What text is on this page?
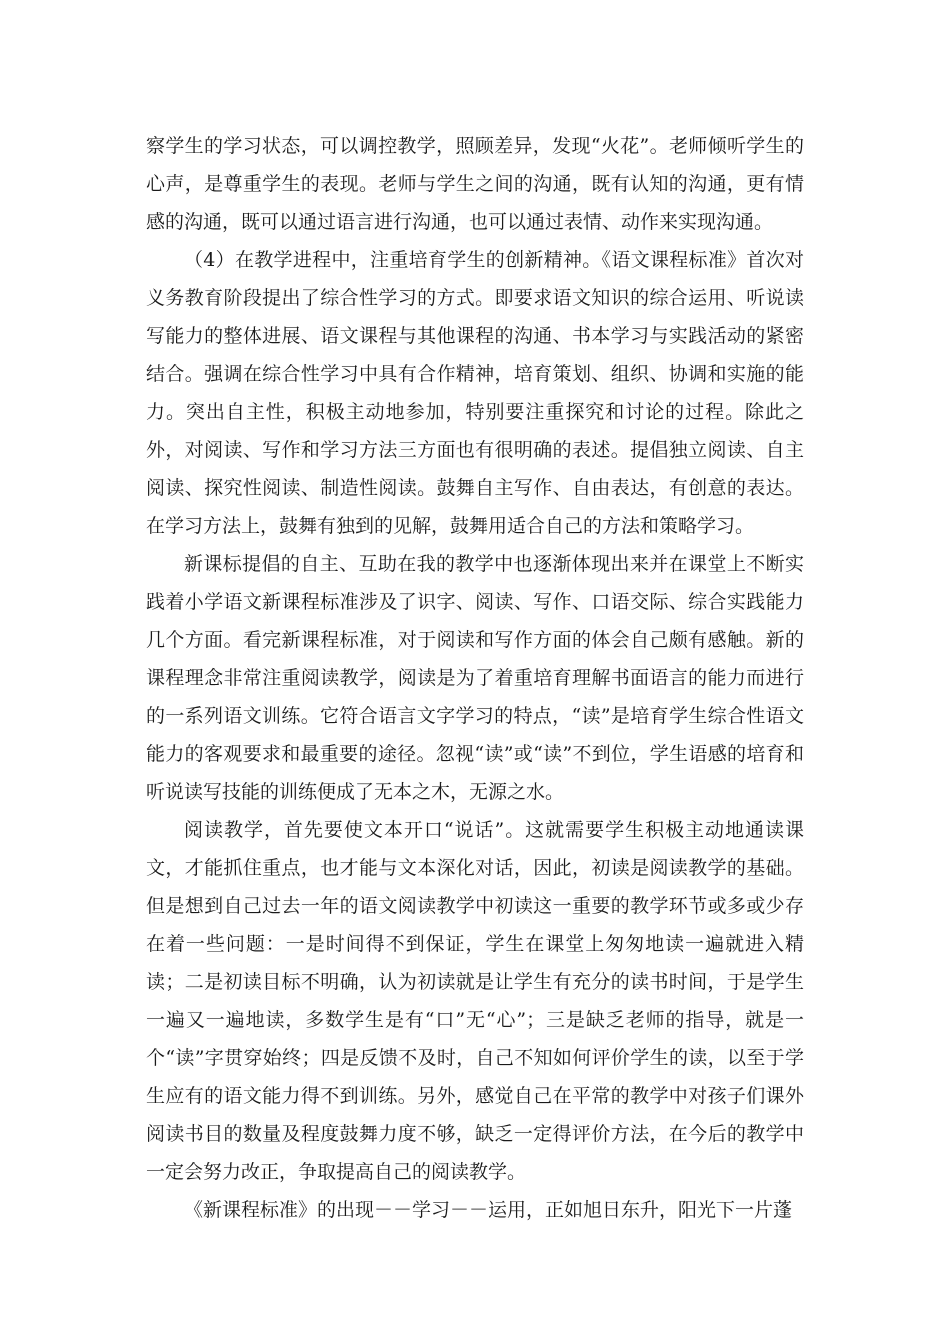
察学生的学习状态，可以调控教学，照顾差异，发现“火花”。老师倾听学生的心声，是尊重学生的表现。老师与学生之间的沟通，既有认知的沟通，更有情感的沟通，既可以通过语言进行沟通，也可以通过表情、动作来实现沟通。

（4）在教学进程中，注重培育学生的创新精神。《语文课程标准》首次对义务教育阶段提出了综合性学习的方式。即要求语文知识的综合运用、听说读写能力的整体进展、语文课程与其他课程的沟通、书本学习与实践活动的紧密结合。强调在综合性学习中具有合作精神，培育策划、组织、协调和实施的能力。突出自主性，积极主动地参加，特别要注重探究和讨论的过程。除此之外，对阅读、写作和学习方法三方面也有很明确的表述。提倡独立阅读、自主阅读、探究性阅读、制造性阅读。鼓舞自主写作、自由表达，有创意的表达。在学习方法上，鼓舞有独到的见解，鼓舞用适合自己的方法和策略学习。

新课标提倡的自主、互助在我的教学中也逐渐体现出来并在课堂上不断实践着小学语文新课程标准涉及了识字、阅读、写作、口语交际、综合实践能力几个方面。看完新课程标准，对于阅读和写作方面的体会自己颇有感触。新的课程理念非常注重阅读教学，阅读是为了着重培育理解书面语言的能力而进行的一系列语文训练。它符合语言文字学习的特点，“读”是培育学生综合性语文能力的客观要求和最重要的途径。忽视“读”或“读”不到位，学生语感的培育和听说读写技能的训练便成了无本之木，无源之水。

阅读教学，首先要使文本开口“说话”。这就需要学生积极主动地通读课文，才能抓住重点，也才能与文本深化对话，因此，初读是阅读教学的基础。但是想到自己过去一年的语文阅读教学中初读这一重要的教学环节或多或少存在着一些问题：一是时间得不到保证，学生在课堂上匆匆地读一遍就进入精读；二是初读目标不明确，认为初读就是让学生有充分的读书时间，于是学生一遍又一遍地读，多数学生是有“口”无“心”；三是缺乏老师的指导，就是一个“读”字贯穿始终；四是反馈不及时，自己不知如何评价学生的读，以至于学生应有的语文能力得不到训练。另外，感觉自己在平常的教学中对孩子们课外阅读书目的数量及程度鼓舞力度不够，缺乏一定得评价方法，在今后的教学中一定会努力改正，争取提高自己的阅读教学。

《新课程标准》的出现－－学习－－运用，正如旭日东升，阳光下一片蓬
